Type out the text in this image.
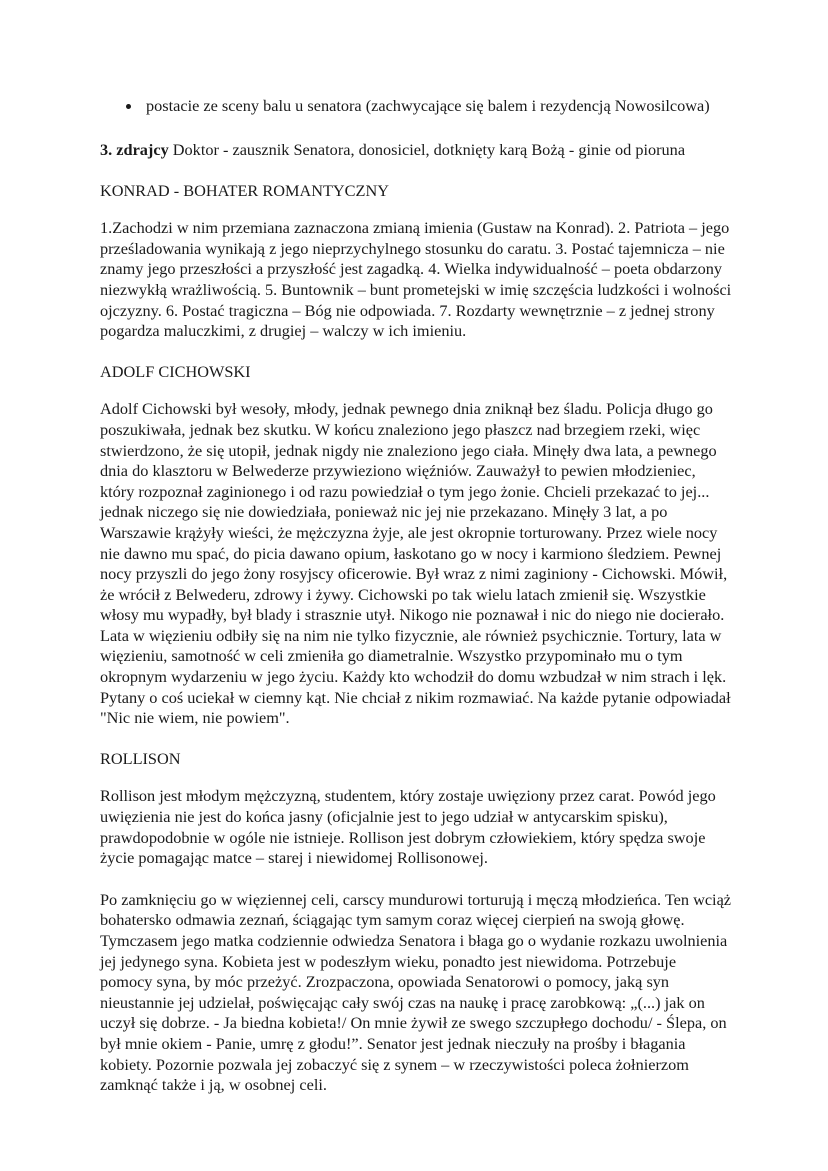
postacie ze sceny balu u senatora (zachwycające się balem i rezydencją Nowosilcowa)

3. zdrajcy Doktor - zausznik Senatora, donosiciel, dotknięty karą Bożą - ginie od pioruna

KONRAD - BOHATER ROMANTYCZNY

1.Zachodzi w nim przemiana zaznaczona zmianą imienia (Gustaw na Konrad). 2. Patriota – jego prześladowania wynikają z jego nieprzychylnego stosunku do caratu. 3. Postać tajemnicza – nie znamy jego przeszłości a przyszłość jest zagadką. 4. Wielka indywidualność – poeta obdarzony niezwykłą wrażliwością. 5. Buntownik – bunt prometejski w imię szczęścia ludzkości i wolności ojczyzny. 6. Postać tragiczna – Bóg nie odpowiada. 7. Rozdarty wewnętrznie – z jednej strony pogardza maluczkimi, z drugiej – walczy w ich imieniu.

ADOLF CICHOWSKI

Adolf Cichowski był wesoły, młody, jednak pewnego dnia zniknął bez śladu. Policja długo go poszukiwała, jednak bez skutku. W końcu znaleziono jego płaszcz nad brzegiem rzeki, więc stwierdzono, że się utopił, jednak nigdy nie znaleziono jego ciała. Minęły dwa lata, a pewnego dnia do klasztoru w Belwederze przywieziono więźniów. Zauważył to pewien młodzieniec, który rozpoznał zaginionego i od razu powiedział o tym jego żonie. Chcieli przekazać to jej... jednak niczego się nie dowiedziała, ponieważ nic jej nie przekazano. Minęły 3 lat, a po Warszawie krążyły wieści, że mężczyzna żyje, ale jest okropnie torturowany. Przez wiele nocy nie dawno mu spać, do picia dawano opium, łaskotano go w nocy i karmiono śledziem. Pewnej nocy przyszli do jego żony rosyjscy oficerowie. Był wraz z nimi zaginiony - Cichowski. Mówił, że wrócił z Belwederu, zdrowy i żywy. Cichowski po tak wielu latach zmienił się. Wszystkie włosy mu wypadły, był blady i strasznie utył. Nikogo nie poznawał i nic do niego nie docierało. Lata w więzieniu odbiły się na nim nie tylko fizycznie, ale również psychicznie. Tortury, lata w więzieniu, samotność w celi zmieniła go diametralnie. Wszystko przypominało mu o tym okropnym wydarzeniu w jego życiu. Każdy kto wchodził do domu wzbudzał w nim strach i lęk. Pytany o coś uciekał w ciemny kąt. Nie chciał z nikim rozmawiać. Na każde pytanie odpowiadał "Nic nie wiem, nie powiem".

ROLLISON

Rollison jest młodym mężczyzną, studentem, który zostaje uwięziony przez carat. Powód jego uwięzienia nie jest do końca jasny (oficjalnie jest to jego udział w antycarskim spisku), prawdopodobnie w ogóle nie istnieje. Rollison jest dobrym człowiekiem, który spędza swoje życie pomagając matce – starej i niewidomej Rollisonowej.

Po zamknięciu go w więziennej celi, carscy mundurowi torturują i męczą młodzieńca. Ten wciąż bohatersko odmawia zeznań, ściągając tym samym coraz więcej cierpień na swoją głowę. Tymczasem jego matka codziennie odwiedza Senatora i błaga go o wydanie rozkazu uwolnienia jej jedynego syna. Kobieta jest w podeszłym wieku, ponadto jest niewidoma. Potrzebuje pomocy syna, by móc przeżyć. Zrozpaczona, opowiada Senatorowi o pomocy, jaką syn nieustannie jej udzielał, poświęcając cały swój czas na naukę i pracę zarobkową: „(...) jak on uczył się dobrze. - Ja biedna kobieta!/ On mnie żywił ze swego szczupłego dochodu/ - Ślepa, on był mnie okiem - Panie, umrę z głodu!”. Senator jest jednak nieczuły na prośby i błagania kobiety. Pozornie pozwala jej zobaczyć się z synem – w rzeczywistości poleca żołnierzom zamknąć także i ją, w osobnej celi.
